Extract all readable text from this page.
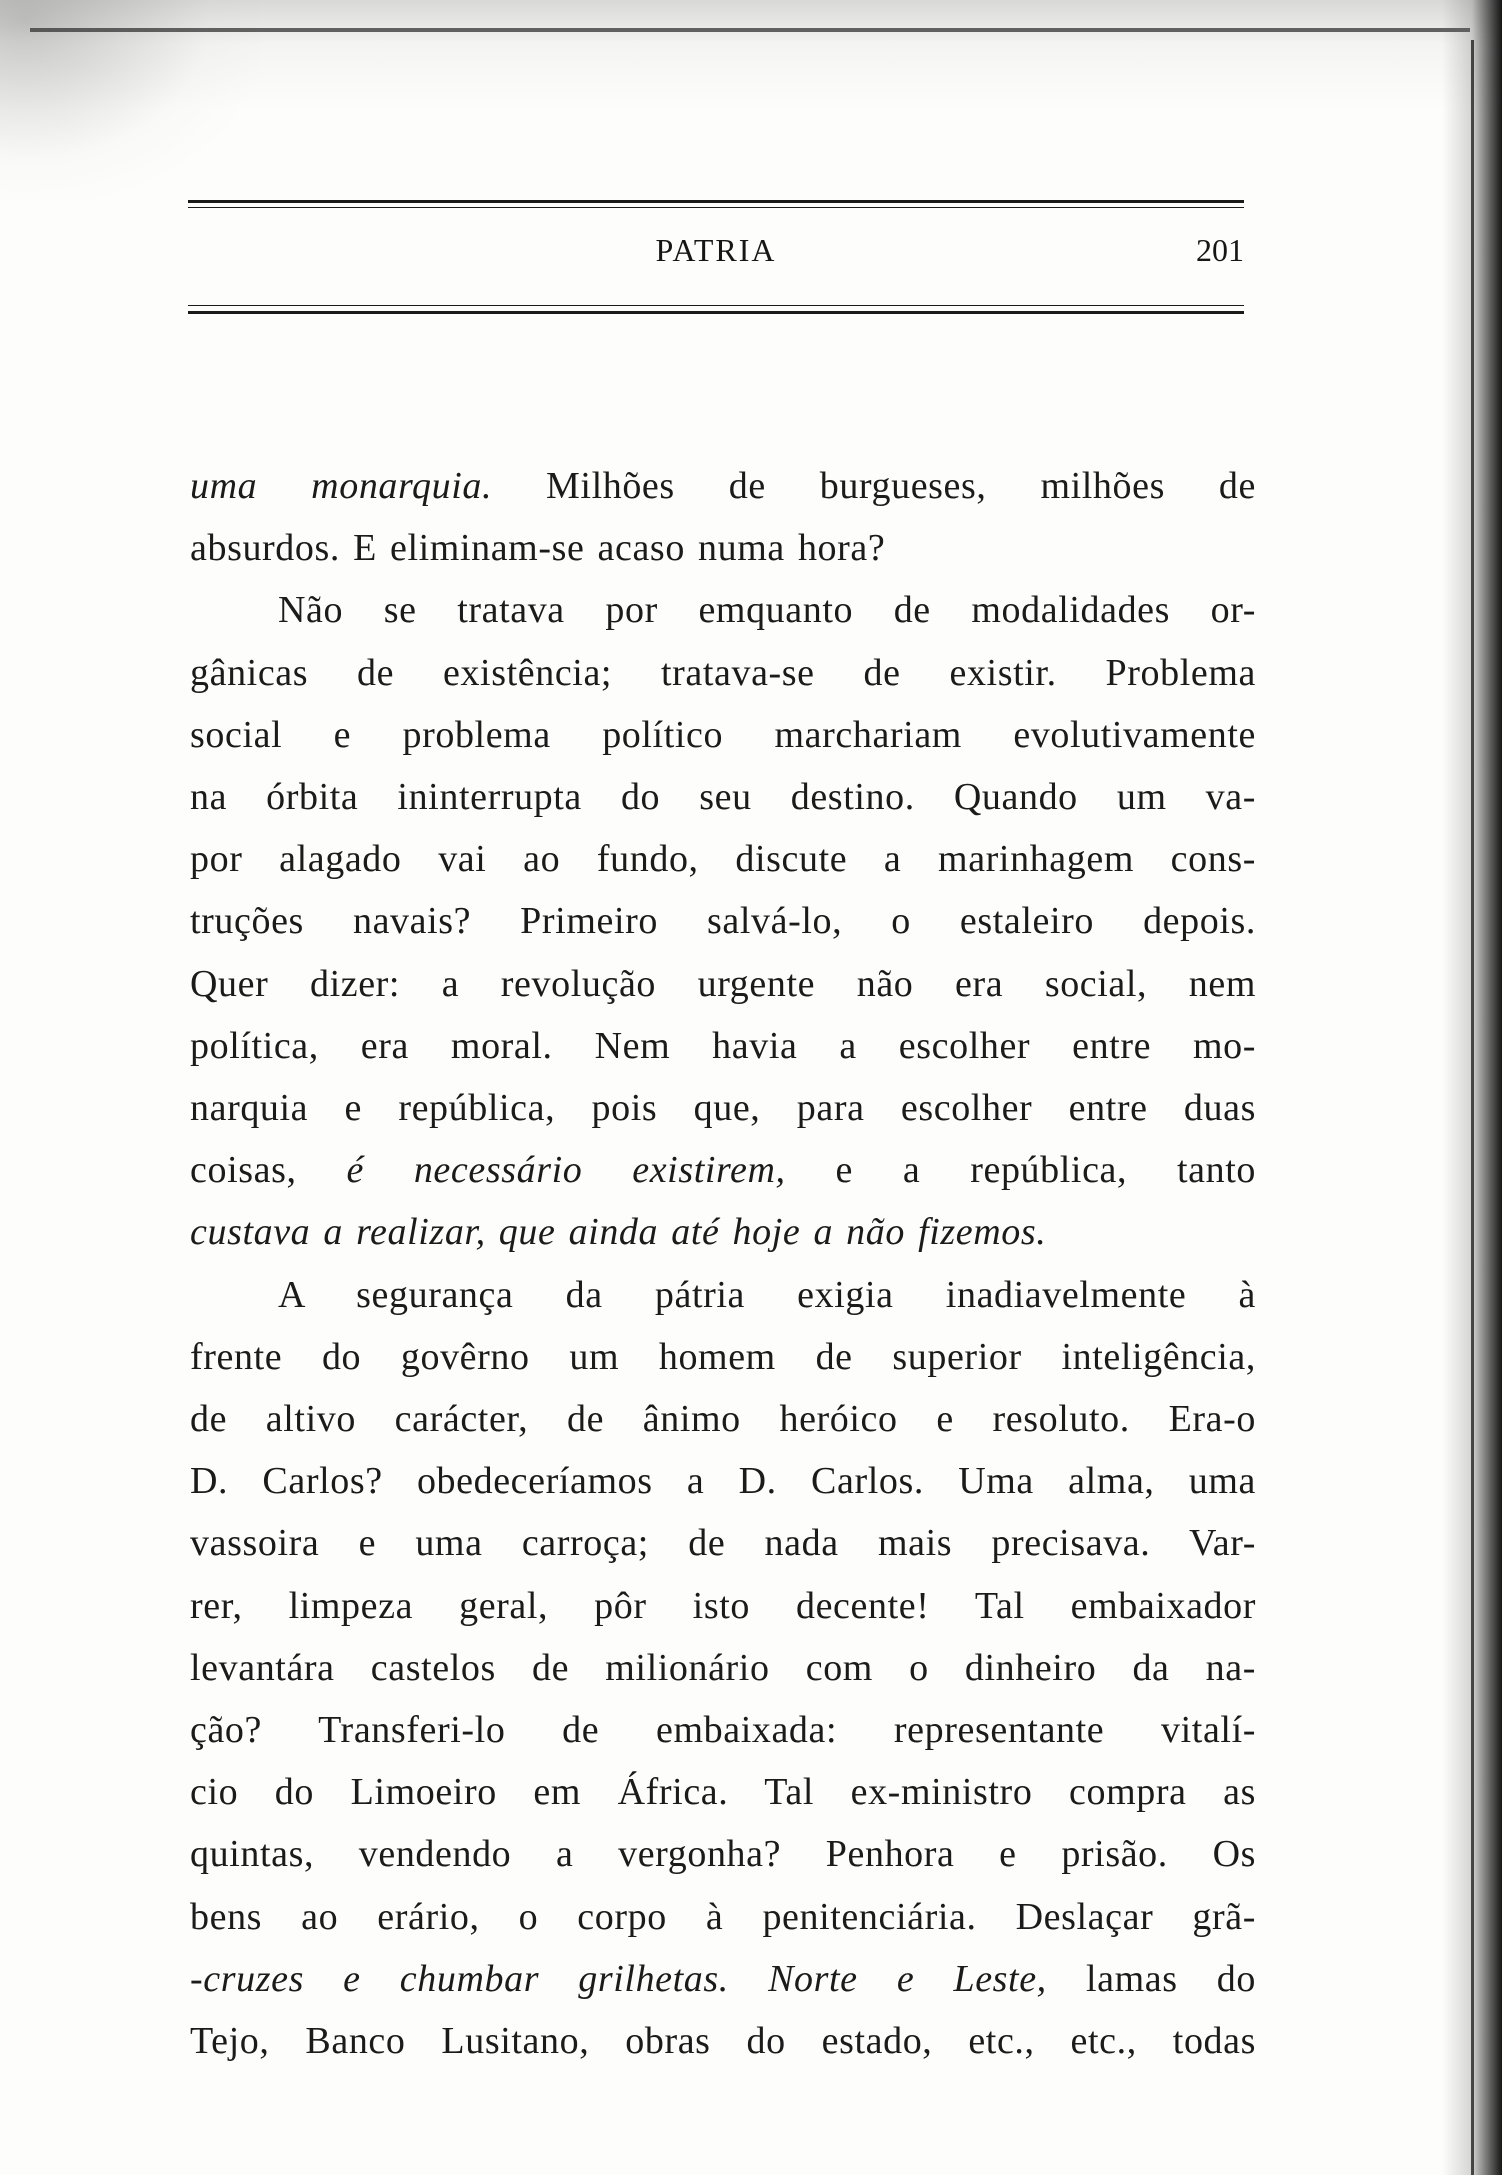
PATRIA	201

uma monarquia. Milhões de burgueses, milhões de

absurdos. E eliminam-se acaso numa hora?

Não se tratava por emquanto de modalidades or-

gânicas de existência; tratava-se de existir. Problema

social e problema político marchariam evolutivamente

na órbita ininterrupta do seu destino. Quando um va-

por alagado vai ao fundo, discute a marinhagem cons-

truções navais? Primeiro salvá-lo, o estaleiro depois.

Quer dizer: a revolução urgente não era social, nem

política, era moral. Nem havia a escolher entre mo-

narquia e república, pois que, para escolher entre duas

coisas, é necessário existirem, e a república, tanto

custava a realizar, que ainda até hoje a não fizemos.

A segurança da pátria exigia inadiavelmente à

frente do govêrno um homem de superior inteligência,

de altivo carácter, de ânimo heróico e resoluto. Era-o

D. Carlos? obedeceríamos a D. Carlos. Uma alma, uma

vassoira e uma carroça; de nada mais precisava. Var-

rer, limpeza geral, pôr isto decente! Tal embaixador

levantára castelos de milionário com o dinheiro da na-

ção? Transferi-lo de embaixada: representante vitalí-

cio do Limoeiro em África. Tal ex-ministro compra as

quintas, vendendo a vergonha? Penhora e prisão. Os

bens ao erário, o corpo à penitenciária. Deslaçar grã-

-cruzes e chumbar grilhetas. Norte e Leste, lamas do

Tejo, Banco Lusitano, obras do estado, etc., etc., todas
